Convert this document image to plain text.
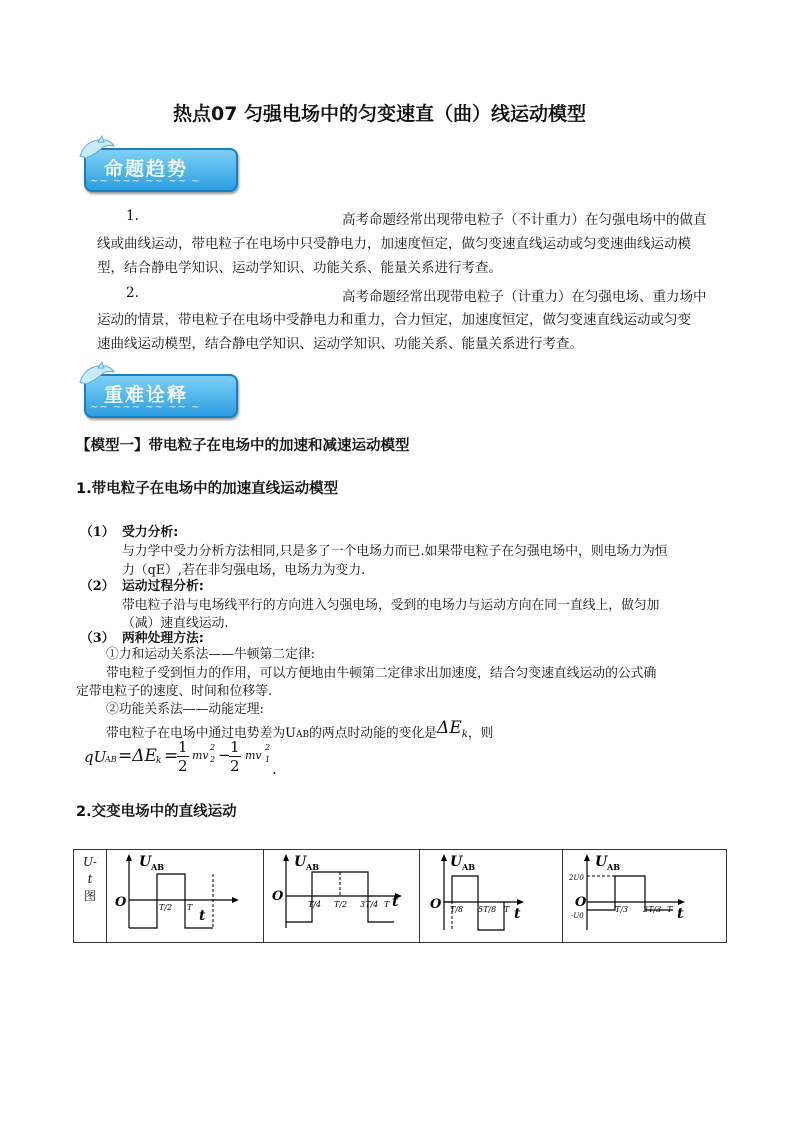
热点07 匀强电场中的匀变速直（曲）线运动模型
命题趋势
~~ ~~~ ~~ ~~ ~
1.	高考命题经常出现带电粒子（不计重力）在匀强电场中的做直
线或曲线运动，带电粒子在电场中只受静电力，加速度恒定，做匀变速直线运动或匀变速曲线运动模
型，结合静电学知识、运动学知识、功能关系、能量关系进行考查。
2.	高考命题经常出现带电粒子（计重力）在匀强电场、重力场中
运动的情景，带电粒子在电场中受静电力和重力，合力恒定，加速度恒定，做匀变速直线运动或匀变
速曲线运动模型，结合静电学知识、运动学知识、功能关系、能量关系进行考查。
重难诠释
~~ ~~~ ~~ ~~ ~
【模型一】带电粒子在电场中的加速和减速运动模型
1.带电粒子在电场中的加速直线运动模型
（1） 受力分析:
与力学中受力分析方法相同,只是多了一个电场力而已.如果带电粒子在匀强电场中，则电场力为恒
力（qE）,若在非匀强电场，电场力为变力.
（2） 运动过程分析:
带电粒子沿与电场线平行的方向进入匀强电场，受到的电场力与运动方向在同一直线上，做匀加
（减）速直线运动.
（3） 两种处理方法:
①力和运动关系法——牛顿第二定律:
带电粒子受到恒力的作用，可以方便地由牛顿第二定律求出加速度，结合匀变速直线运动的公式确
定带电粒子的速度、时间和位移等.
②功能关系法——动能定理:
带电粒子在电场中通过电势差为UAB的两点时动能的变化是ΔEk，则
qU
AB =ΔE k = 1
2
mv
2
2 − 1
2
mv
2
1
.
2.交变电场中的直线运动
U-
t
图

U AB
O
t
T/2 T

U AB
O	t
T/4 T/2 3T/4 T

U AB
O
t
T/8 5T/8 T

U AB
O
t
2U0
-U0
T/3 2T/3 T
